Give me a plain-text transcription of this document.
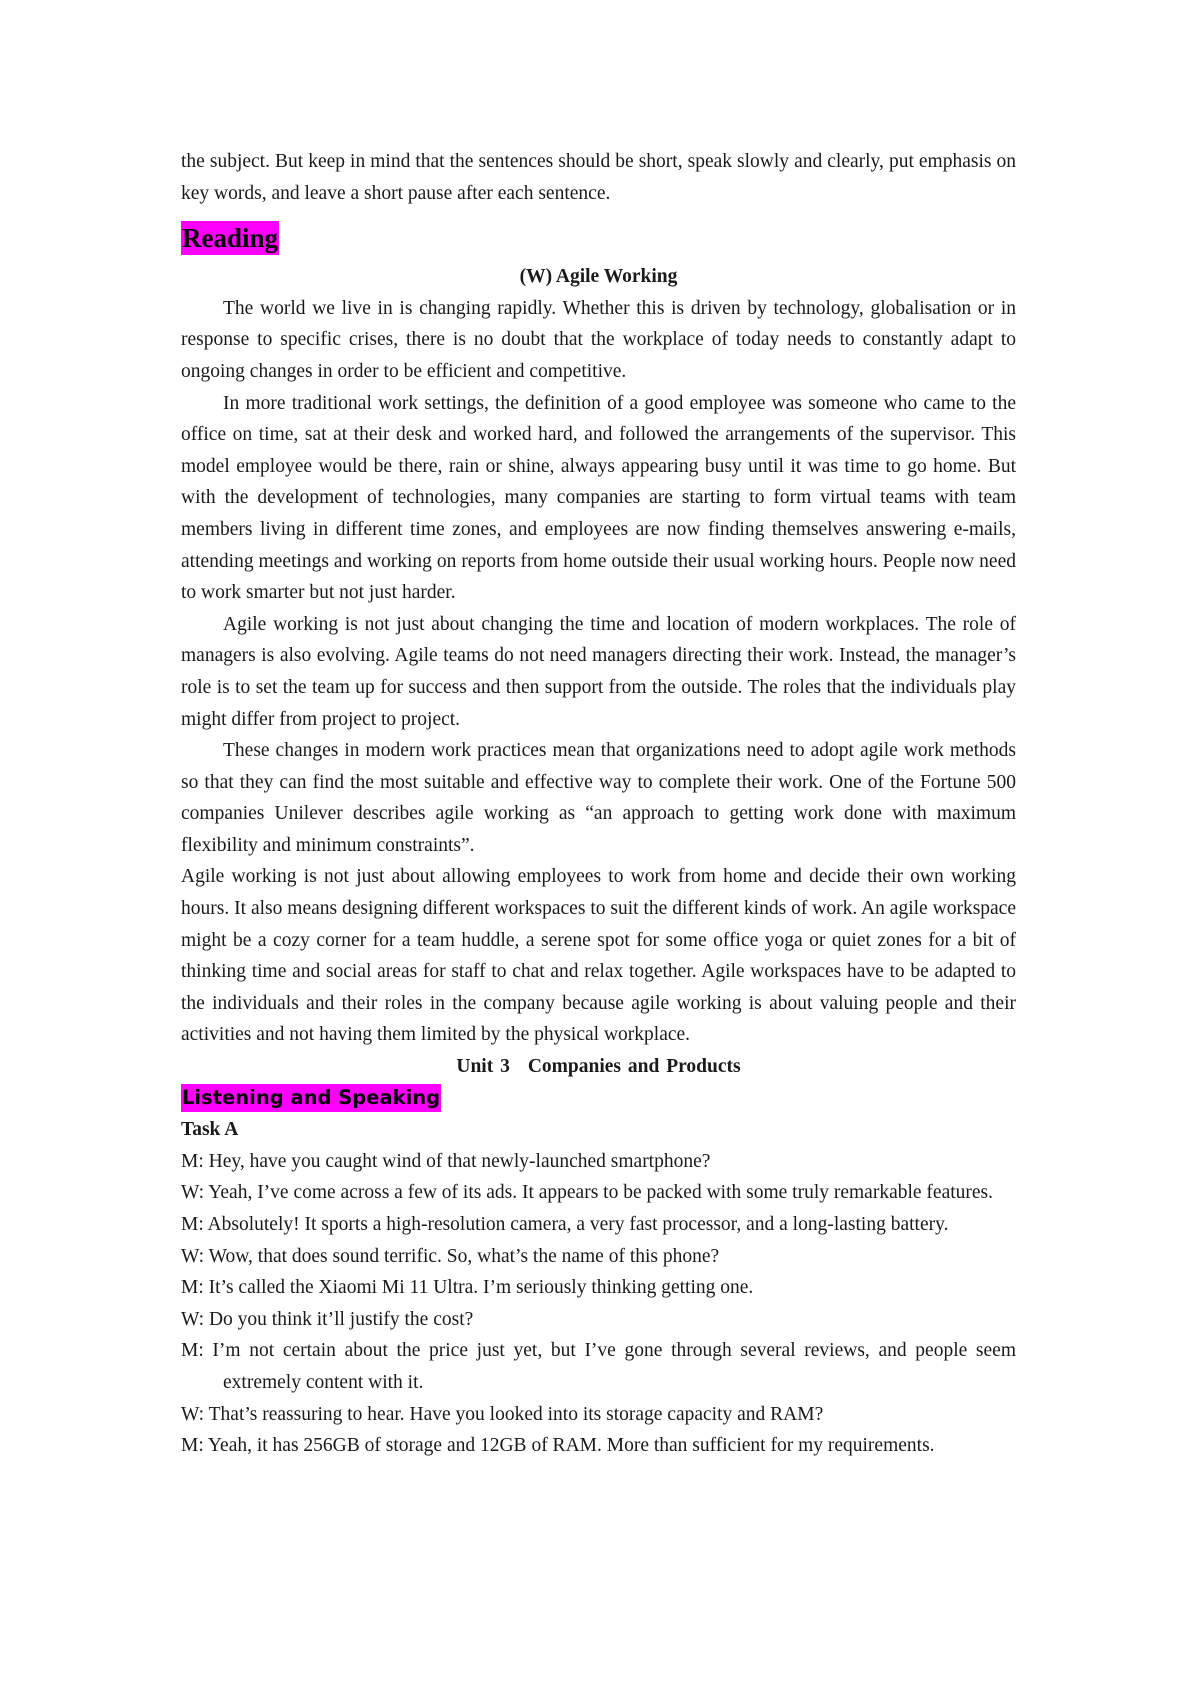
the subject. But keep in mind that the sentences should be short, speak slowly and clearly, put emphasis on key words, and leave a short pause after each sentence.

Reading

(W) Agile Working

The world we live in is changing rapidly. Whether this is driven by technology, globalisation or in response to specific crises, there is no doubt that the workplace of today needs to constantly adapt to ongoing changes in order to be efficient and competitive.

In more traditional work settings, the definition of a good employee was someone who came to the office on time, sat at their desk and worked hard, and followed the arrangements of the supervisor. This model employee would be there, rain or shine, always appearing busy until it was time to go home. But with the development of technologies, many companies are starting to form virtual teams with team members living in different time zones, and employees are now finding themselves answering e-mails, attending meetings and working on reports from home outside their usual working hours. People now need to work smarter but not just harder.

Agile working is not just about changing the time and location of modern workplaces. The role of managers is also evolving. Agile teams do not need managers directing their work. Instead, the manager’s role is to set the team up for success and then support from the outside. The roles that the individuals play might differ from project to project.

These changes in modern work practices mean that organizations need to adopt agile work methods so that they can find the most suitable and effective way to complete their work. One of the Fortune 500 companies Unilever describes agile working as “an approach to getting work done with maximum flexibility and minimum constraints”.

Agile working is not just about allowing employees to work from home and decide their own working hours. It also means designing different workspaces to suit the different kinds of work. An agile workspace might be a cozy corner for a team huddle, a serene spot for some office yoga or quiet zones for a bit of thinking time and social areas for staff to chat and relax together. Agile workspaces have to be adapted to the individuals and their roles in the company because agile working is about valuing people and their activities and not having them limited by the physical workplace.

Unit 3 Companies and Products

Listening and Speaking

Task A

M: Hey, have you caught wind of that newly-launched smartphone?

W: Yeah, I’ve come across a few of its ads. It appears to be packed with some truly remarkable features.

M: Absolutely! It sports a high-resolution camera, a very fast processor, and a long-lasting battery.

W: Wow, that does sound terrific. So, what’s the name of this phone?

M: It’s called the Xiaomi Mi 11 Ultra. I’m seriously thinking getting one.

W: Do you think it’ll justify the cost?

M: I’m not certain about the price just yet, but I’ve gone through several reviews, and people seem extremely content with it.

W: That’s reassuring to hear. Have you looked into its storage capacity and RAM?

M: Yeah, it has 256GB of storage and 12GB of RAM. More than sufficient for my requirements.
